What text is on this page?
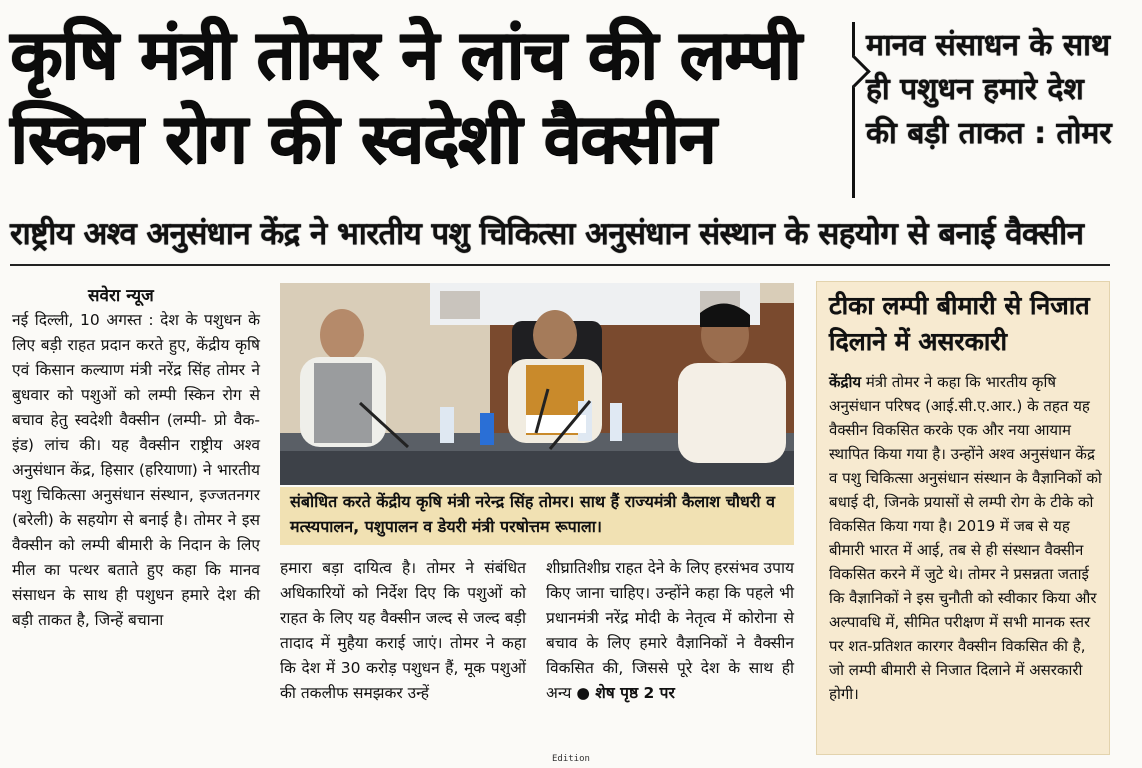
कृषि मंत्री तोमर ने लांच की लम्पी
स्किन रोग की स्वदेशी वैक्सीन
मानव संसाधन के साथ ही पशुधन हमारे देश की बड़ी ताकत : तोमर
राष्ट्रीय अश्व अनुसंधान केंद्र ने भारतीय पशु चिकित्सा अनुसंधान संस्थान के सहयोग से बनाई वैक्सीन
सवेरा न्यूज
नई दिल्ली, 10 अगस्त : देश के पशुधन के लिए बड़ी राहत प्रदान करते हुए, केंद्रीय कृषि एवं किसान कल्याण मंत्री नरेंद्र सिंह तोमर ने बुधवार को पशुओं को लम्पी स्किन रोग से बचाव हेतु स्वदेशी वैक्सीन (लम्पी- प्रो वैक-इंड) लांच की। यह वैक्सीन राष्ट्रीय अश्व अनुसंधान केंद्र, हिसार (हरियाणा) ने भारतीय पशु चिकित्सा अनुसंधान संस्थान, इज्जतनगर (बरेली) के सहयोग से बनाई है। तोमर ने इस वैक्सीन को लम्पी बीमारी के निदान के लिए मील का पत्थर बताते हुए कहा कि मानव संसाधन के साथ ही पशुधन हमारे देश की बड़ी ताकत है, जिन्हें बचाना
संबोधित करते केंद्रीय कृषि मंत्री नरेन्द्र सिंह तोमर। साथ हैं राज्यमंत्री कैलाश चौधरी व मत्स्यपालन, पशुपालन व डेयरी मंत्री परषोत्तम रूपाला।
हमारा बड़ा दायित्व है। तोमर ने संबंधित अधिकारियों को निर्देश दिए कि पशुओं को राहत के लिए यह वैक्सीन जल्द से जल्द बड़ी तादाद में मुहैया कराई जाएं। तोमर ने कहा कि देश में 30 करोड़ पशुधन हैं, मूक पशुओं की तकलीफ समझकर उन्हें
शीघ्रातिशीघ्र राहत देने के लिए हरसंभव उपाय किए जाना चाहिए। उन्होंने कहा कि पहले भी प्रधानमंत्री नरेंद्र मोदी के नेतृत्व में कोरोना से बचाव के लिए हमारे वैज्ञानिकों ने वैक्सीन विकसित की, जिससे पूरे देश के साथ ही अन्य ● शेष पृष्ठ 2 पर
टीका लम्पी बीमारी से निजात दिलाने में असरकारी
केंद्रीय मंत्री तोमर ने कहा कि भारतीय कृषि अनुसंधान परिषद (आई.सी.ए.आर.) के तहत यह वैक्सीन विकसित करके एक और नया आयाम स्थापित किया गया है। उन्होंने अश्व अनुसंधान केंद्र व पशु चिकित्सा अनुसंधान संस्थान के वैज्ञानिकों को बधाई दी, जिनके प्रयासों से लम्पी रोग के टीके को विकसित किया गया है। 2019 में जब से यह बीमारी भारत में आई, तब से ही संस्थान वैक्सीन विकसित करने में जुटे थे। तोमर ने प्रसन्नता जताई कि वैज्ञानिकों ने इस चुनौती को स्वीकार किया और अल्पावधि में, सीमित परीक्षण में सभी मानक स्तर पर शत-प्रतिशत कारगर वैक्सीन विकसित की है, जो लम्पी बीमारी से निजात दिलाने में असरकारी होगी।
Edition
